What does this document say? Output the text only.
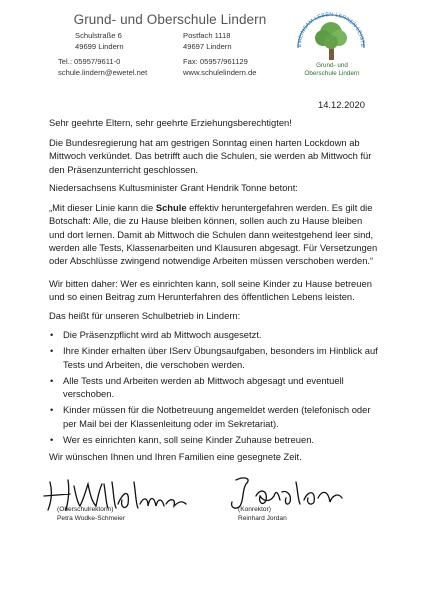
Grund- und Oberschule Lindern
Schulstraße 6
49699 Lindern
Postfach 1118
49697 Lindern
Tel.: 05957/9611-0
schule.lindern@ewetel.net
Fax: 05957/961129
www.schulelindern.de
EMEINSAM LEBEN LERNEN LEISTE
Grund- und
Oberschule Lindern
14.12.2020
Sehr geehrte Eltern, sehr geehrte Erziehungsberechtigten!
Die Bundesregierung hat am gestrigen Sonntag einen harten Lockdown ab Mittwoch verkündet. Das betrifft auch die Schulen, sie werden ab Mittwoch für den Präsenzunterricht geschlossen.
Niedersachsens Kultusminister Grant Hendrik Tonne betont:
„Mit dieser Linie kann die Schule effektiv heruntergefahren werden. Es gilt die Botschaft: Alle, die zu Hause bleiben können, sollen auch zu Hause bleiben und dort lernen. Damit ab Mittwoch die Schulen dann weitestgehend leer sind, werden alle Tests, Klassenarbeiten und Klausuren abgesagt. Für Versetzungen oder Abschlüsse zwingend notwendige Arbeiten müssen verschoben werden.“
Wir bitten daher: Wer es einrichten kann, soll seine Kinder zu Hause betreuen und so einen Beitrag zum Herunterfahren des öffentlichen Lebens leisten.
Das heißt für unseren Schulbetrieb in Lindern:
• Die Präsenzpflicht wird ab Mittwoch ausgesetzt.
• Ihre Kinder erhalten über IServ Übungsaufgaben, besonders im Hinblick auf Tests und Arbeiten, die verschoben werden.
• Alle Tests und Arbeiten werden ab Mittwoch abgesagt und eventuell verschoben.
• Kinder müssen für die Notbetreuung angemeldet werden (telefonisch oder per Mail bei der Klassenleitung oder im Sekretariat).
• Wer es einrichten kann, soll seine Kinder Zuhause betreuen.
Wir wünschen Ihnen und Ihren Familien eine gesegnete Zeit.
(Oberschulrektorin)
Petra Wodke-Schmeier
(Konrektor)
Reinhard Jordan
